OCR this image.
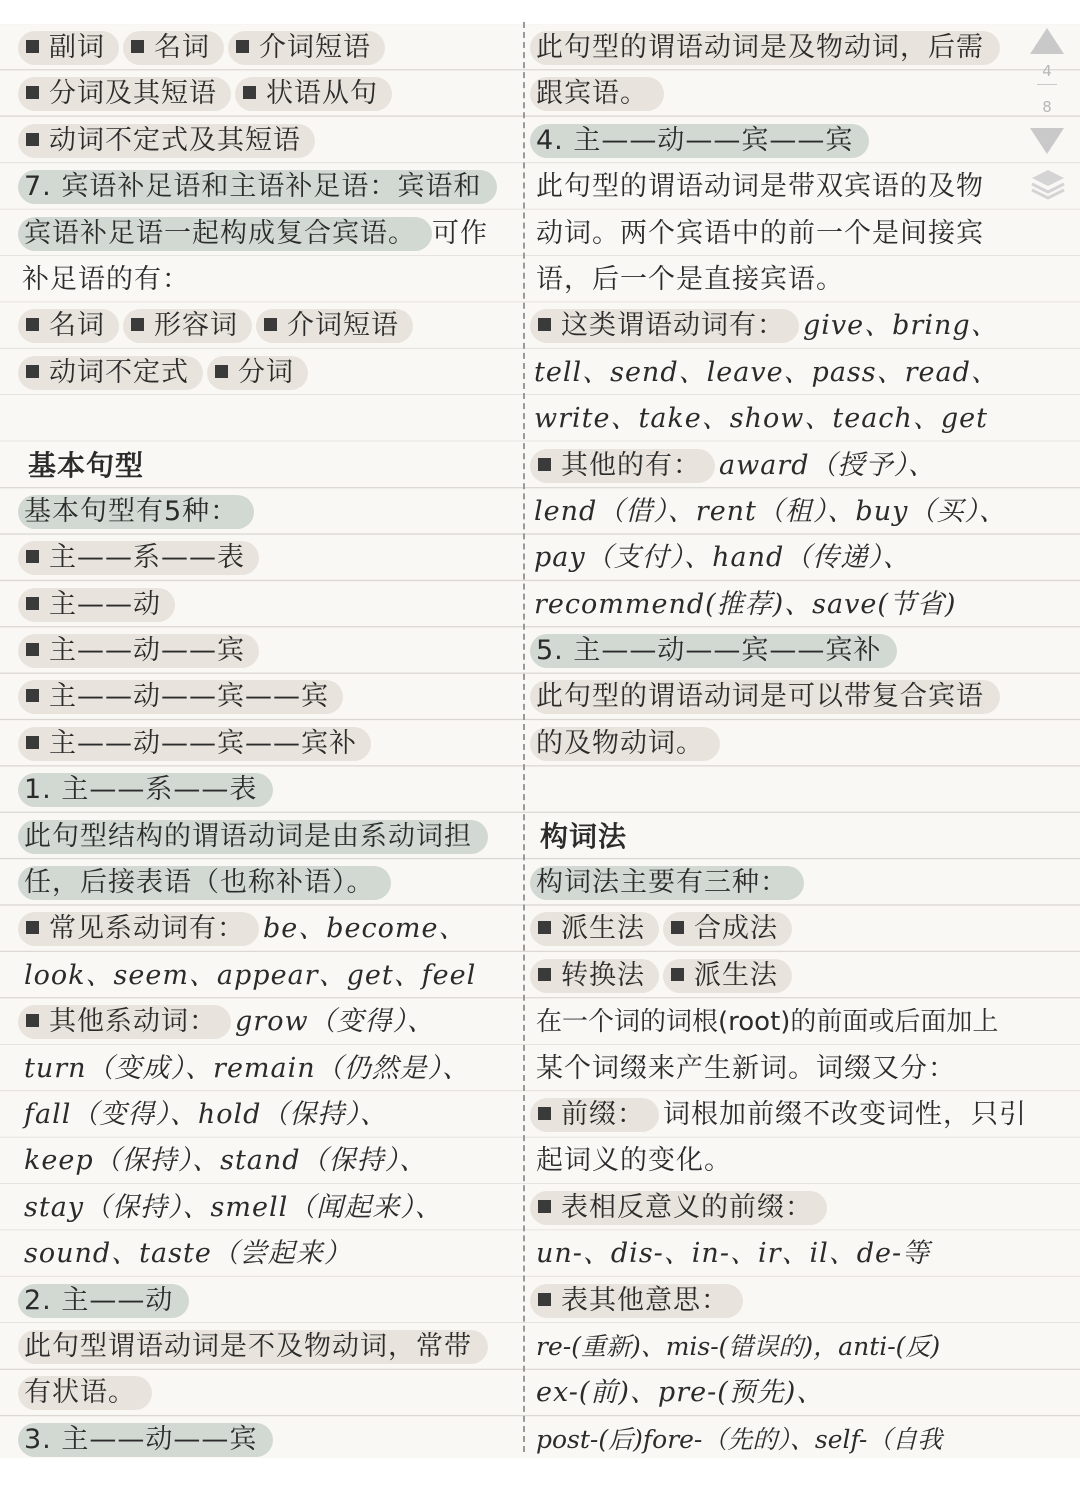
副词 名词 介词短语
分词及其短语 状语从句
动词不定式及其短语
7. 宾语补足语和主语补足语：宾语和
宾语补足语一起构成复合宾语。 可作
补足语的有：
名词 形容词 介词短语
动词不定式 分词
基本句型
基本句型有5种：
主——系——表
主——动
主——动——宾
主——动——宾——宾
主——动——宾——宾补
1. 主——系——表
此句型结构的谓语动词是由系动词担
任，后接表语（也称补语）。
常见系动词有： be、become、
look、seem、appear、get、feel
其他系动词： grow（变得）、
turn（变成）、remain（仍然是）、
fall（变得）、hold（保持）、
keep（保持）、stand（保持）、
stay（保持）、smell（闻起来）、
sound、taste（尝起来）
2. 主——动
此句型谓语动词是不及物动词，常带
有状语。
3. 主——动——宾
此句型的谓语动词是及物动词，后需
跟宾语。
4. 主——动——宾——宾
此句型的谓语动词是带双宾语的及物
动词。两个宾语中的前一个是间接宾
语，后一个是直接宾语。
这类谓语动词有： give、bring、
tell、send、leave、pass、read、
write、take、show、teach、get
其他的有： award（授予）、
lend（借）、rent（租）、buy（买）、
pay（支付）、hand（传递）、
recommend(推荐)、save(节省)
5. 主——动——宾——宾补
此句型的谓语动词是可以带复合宾语
的及物动词。
构词法
构词法主要有三种：
派生法 合成法
转换法 派生法
在一个词的词根(root)的前面或后面加上
某个词缀来产生新词。词缀又分：
前缀： 词根加前缀不改变词性，只引
起词义的变化。
表相反意义的前缀：
un-、dis-、in-、ir、il、de-等
表其他意思：
re-(重新)、mis-(错误的)，anti-(反)
ex-(前)、pre-(预先)、
post-(后)fore-（先的）、self-（自我
4
8
